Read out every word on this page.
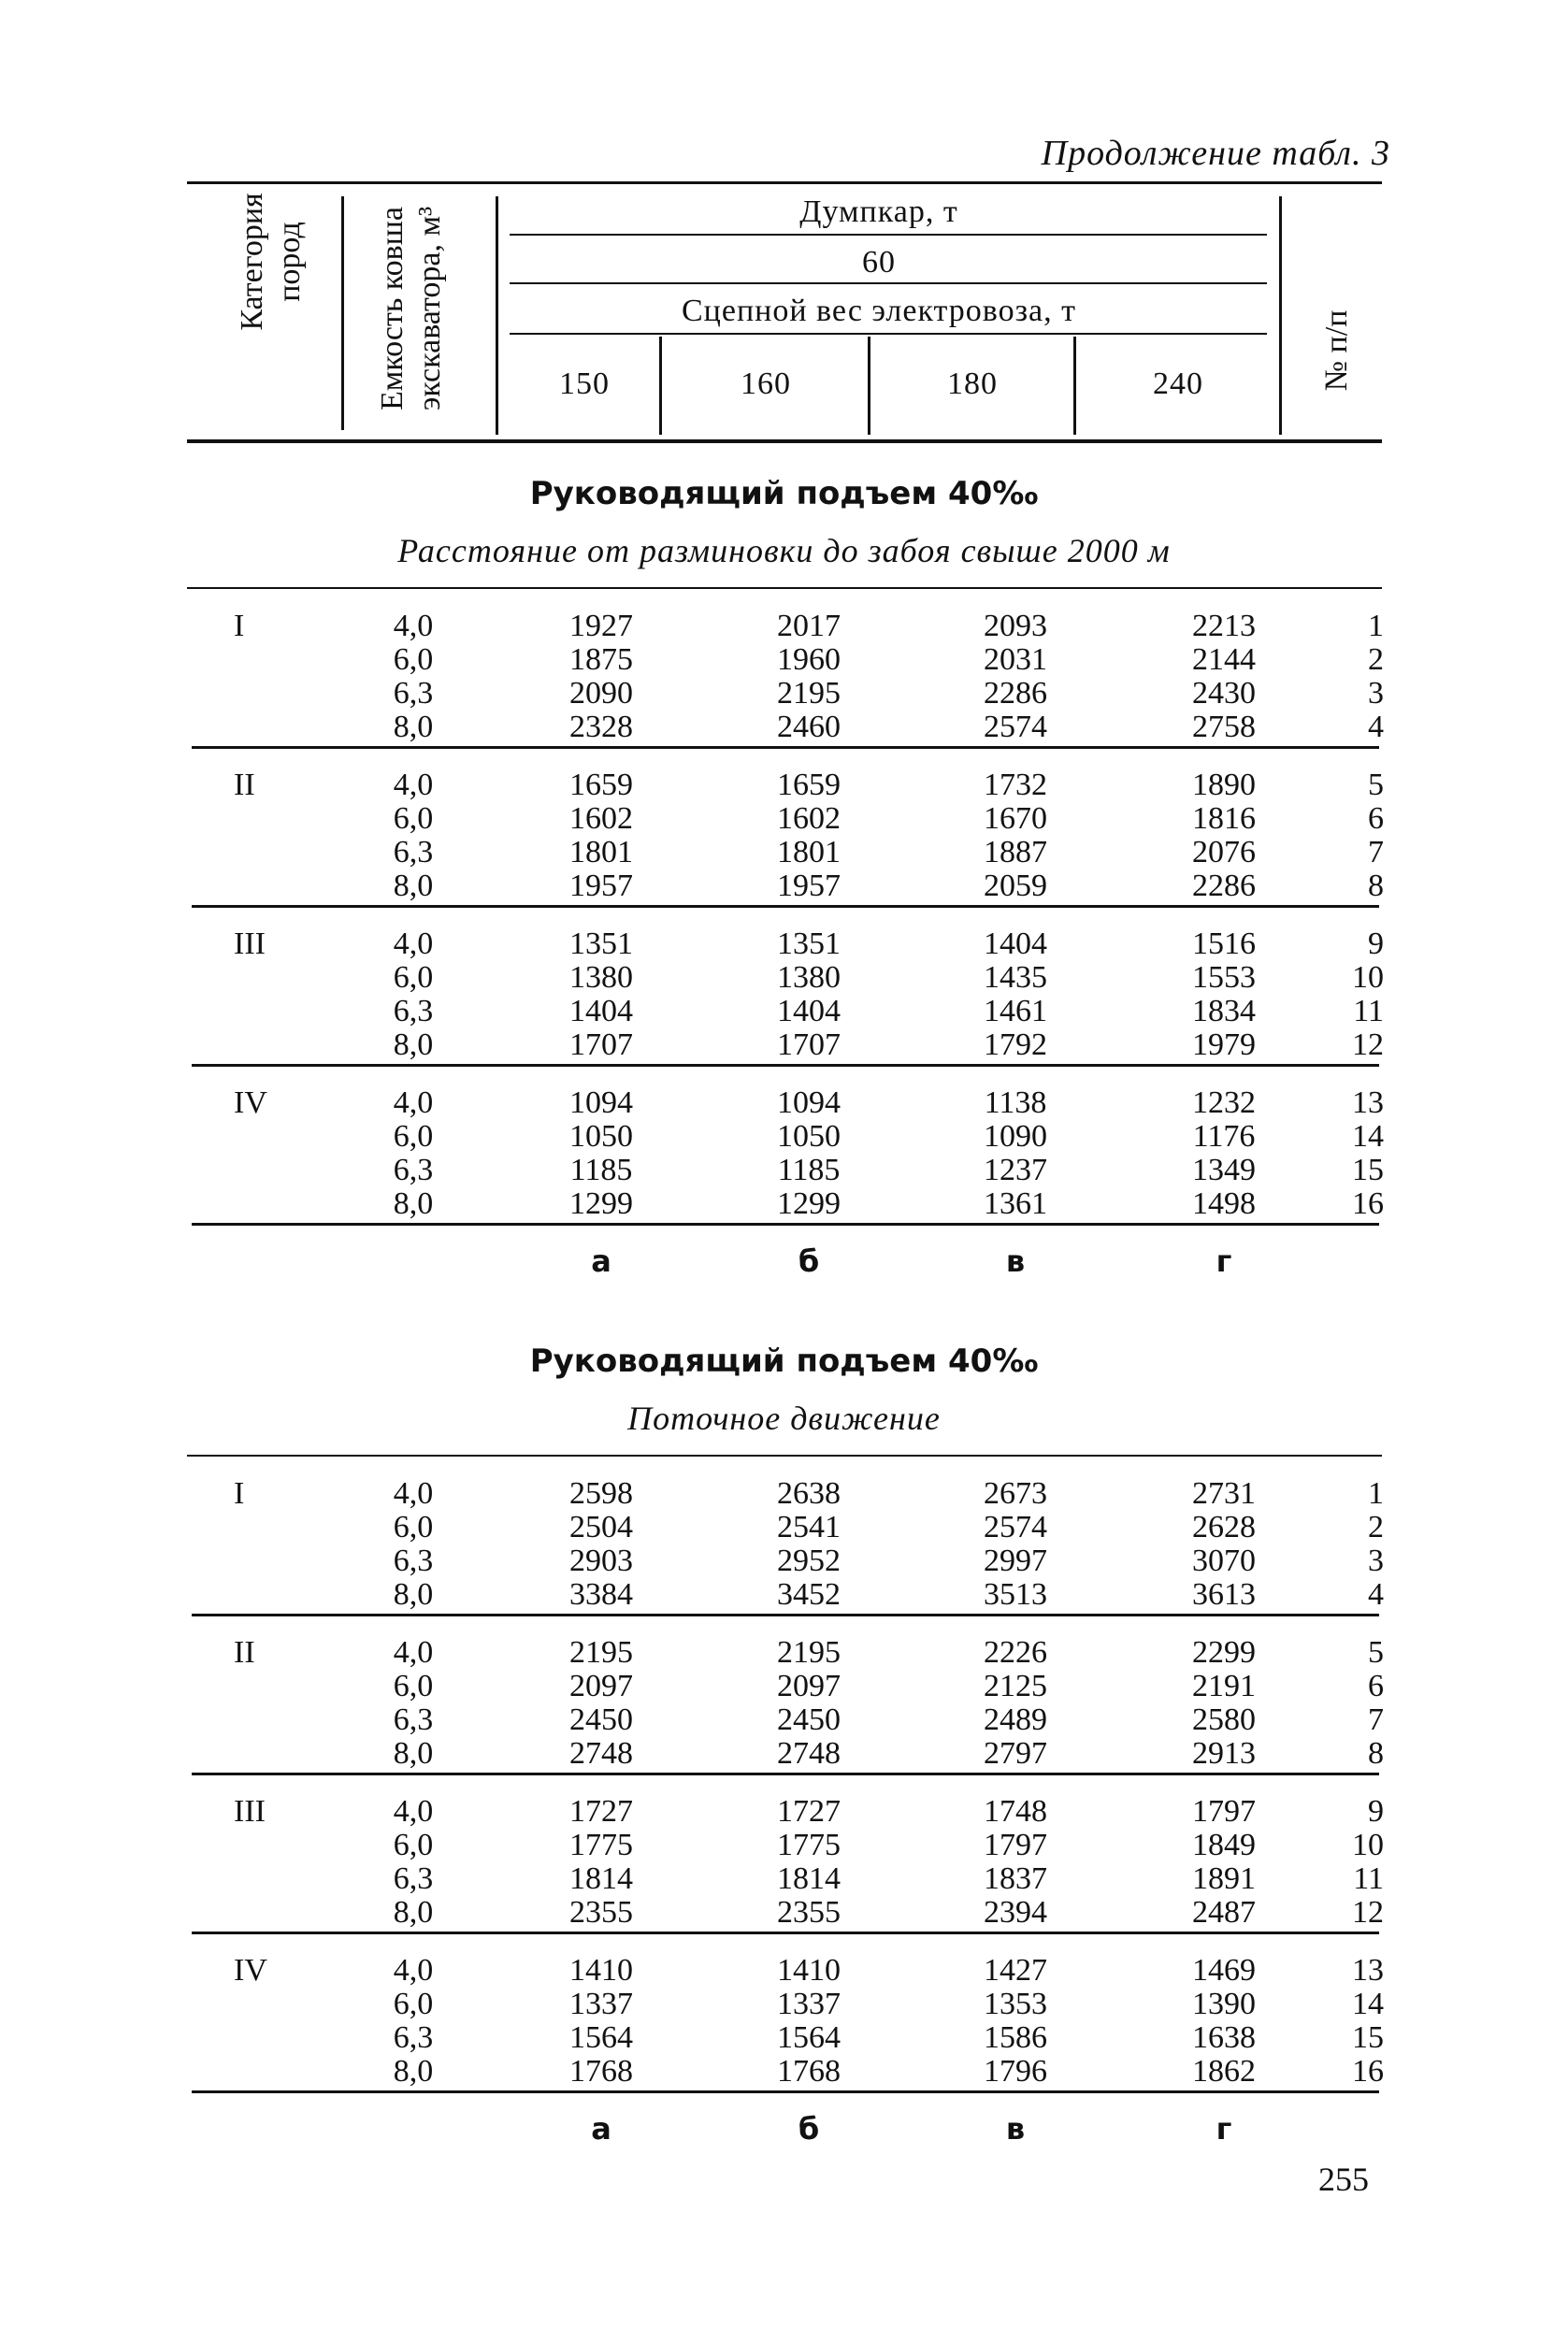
Продолжение табл. 3
Категория пород	Емкость ковша экскаватора, м³	Думпкар, т
60
Сцепной вес электровоза, т
150	160	180	240	№ п/п
Руководящий подъем 40‰
Расстояние от разминовки до забоя свыше 2000 м
I	4,0	1927	2017	2093	2213	1
6,0	1875	1960	2031	2144	2
6,3	2090	2195	2286	2430	3
8,0	2328	2460	2574	2758	4
II	4,0	1659	1659	1732	1890	5
6,0	1602	1602	1670	1816	6
6,3	1801	1801	1887	2076	7
8,0	1957	1957	2059	2286	8
III	4,0	1351	1351	1404	1516	9
6,0	1380	1380	1435	1553	10
6,3	1404	1404	1461	1834	11
8,0	1707	1707	1792	1979	12
IV	4,0	1094	1094	1138	1232	13
6,0	1050	1050	1090	1176	14
6,3	1185	1185	1237	1349	15
8,0	1299	1299	1361	1498	16
а	б	в	г
Руководящий подъем 40‰
Поточное движение
I	4,0	2598	2638	2673	2731	1
6,0	2504	2541	2574	2628	2
6,3	2903	2952	2997	3070	3
8,0	3384	3452	3513	3613	4
II	4,0	2195	2195	2226	2299	5
6,0	2097	2097	2125	2191	6
6,3	2450	2450	2489	2580	7
8,0	2748	2748	2797	2913	8
III	4,0	1727	1727	1748	1797	9
6,0	1775	1775	1797	1849	10
6,3	1814	1814	1837	1891	11
8,0	2355	2355	2394	2487	12
IV	4,0	1410	1410	1427	1469	13
6,0	1337	1337	1353	1390	14
6,3	1564	1564	1586	1638	15
8,0	1768	1768	1796	1862	16
а	б	в	г
255
